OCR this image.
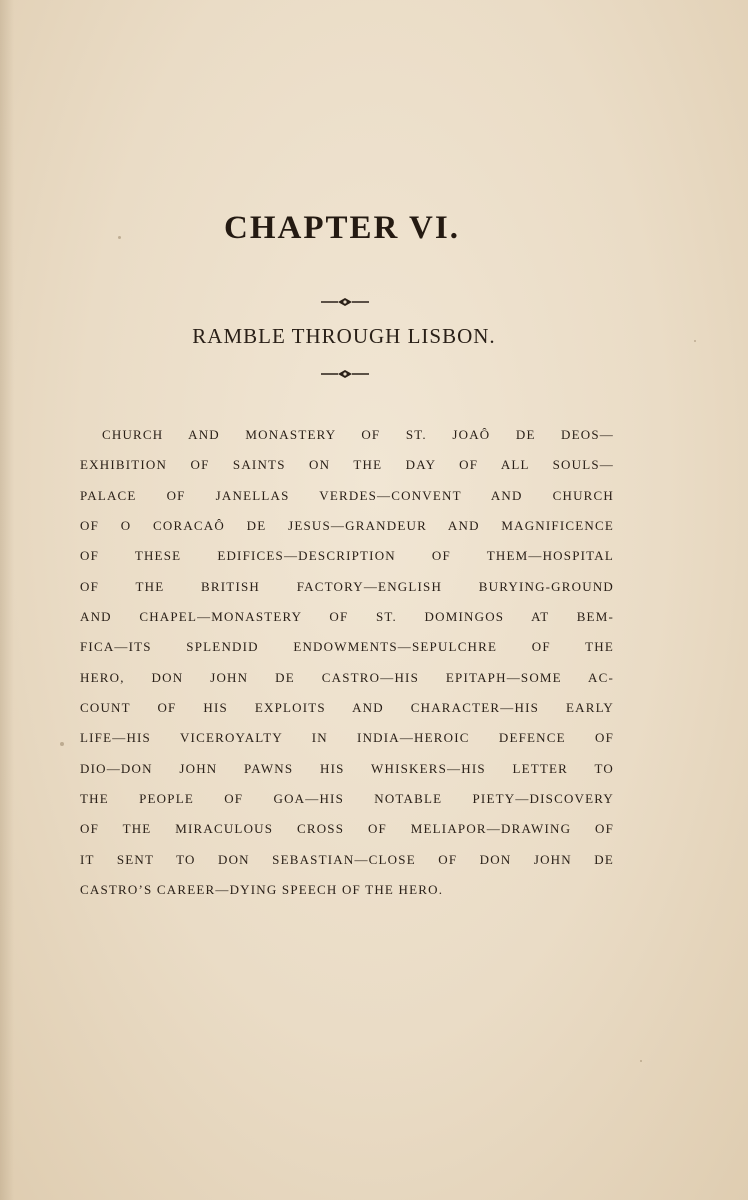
CHAPTER VI.
RAMBLE THROUGH LISBON.
CHURCH AND MONASTERY OF ST. JOAÔ DE DEOS—
EXHIBITION OF SAINTS ON THE DAY OF ALL SOULS—
PALACE OF JANELLAS VERDES—CONVENT AND CHURCH
OF O CORACAÔ DE JESUS—GRANDEUR AND MAGNIFICENCE
OF THESE EDIFICES—DESCRIPTION OF THEM—HOSPITAL
OF THE BRITISH FACTORY—ENGLISH BURYING-GROUND
AND CHAPEL—MONASTERY OF ST. DOMINGOS AT BEM-
FICA—ITS SPLENDID ENDOWMENTS—SEPULCHRE OF THE
HERO, DON JOHN DE CASTRO—HIS EPITAPH—SOME AC-
COUNT OF HIS EXPLOITS AND CHARACTER—HIS EARLY
LIFE—HIS VICEROYALTY IN INDIA—HEROIC DEFENCE OF
DIO—DON JOHN PAWNS HIS WHISKERS—HIS LETTER TO
THE PEOPLE OF GOA—HIS NOTABLE PIETY—DISCOVERY
OF THE MIRACULOUS CROSS OF MELIAPOR—DRAWING OF
IT SENT TO DON SEBASTIAN—CLOSE OF DON JOHN DE
CASTRO’S CAREER—DYING SPEECH OF THE HERO.
